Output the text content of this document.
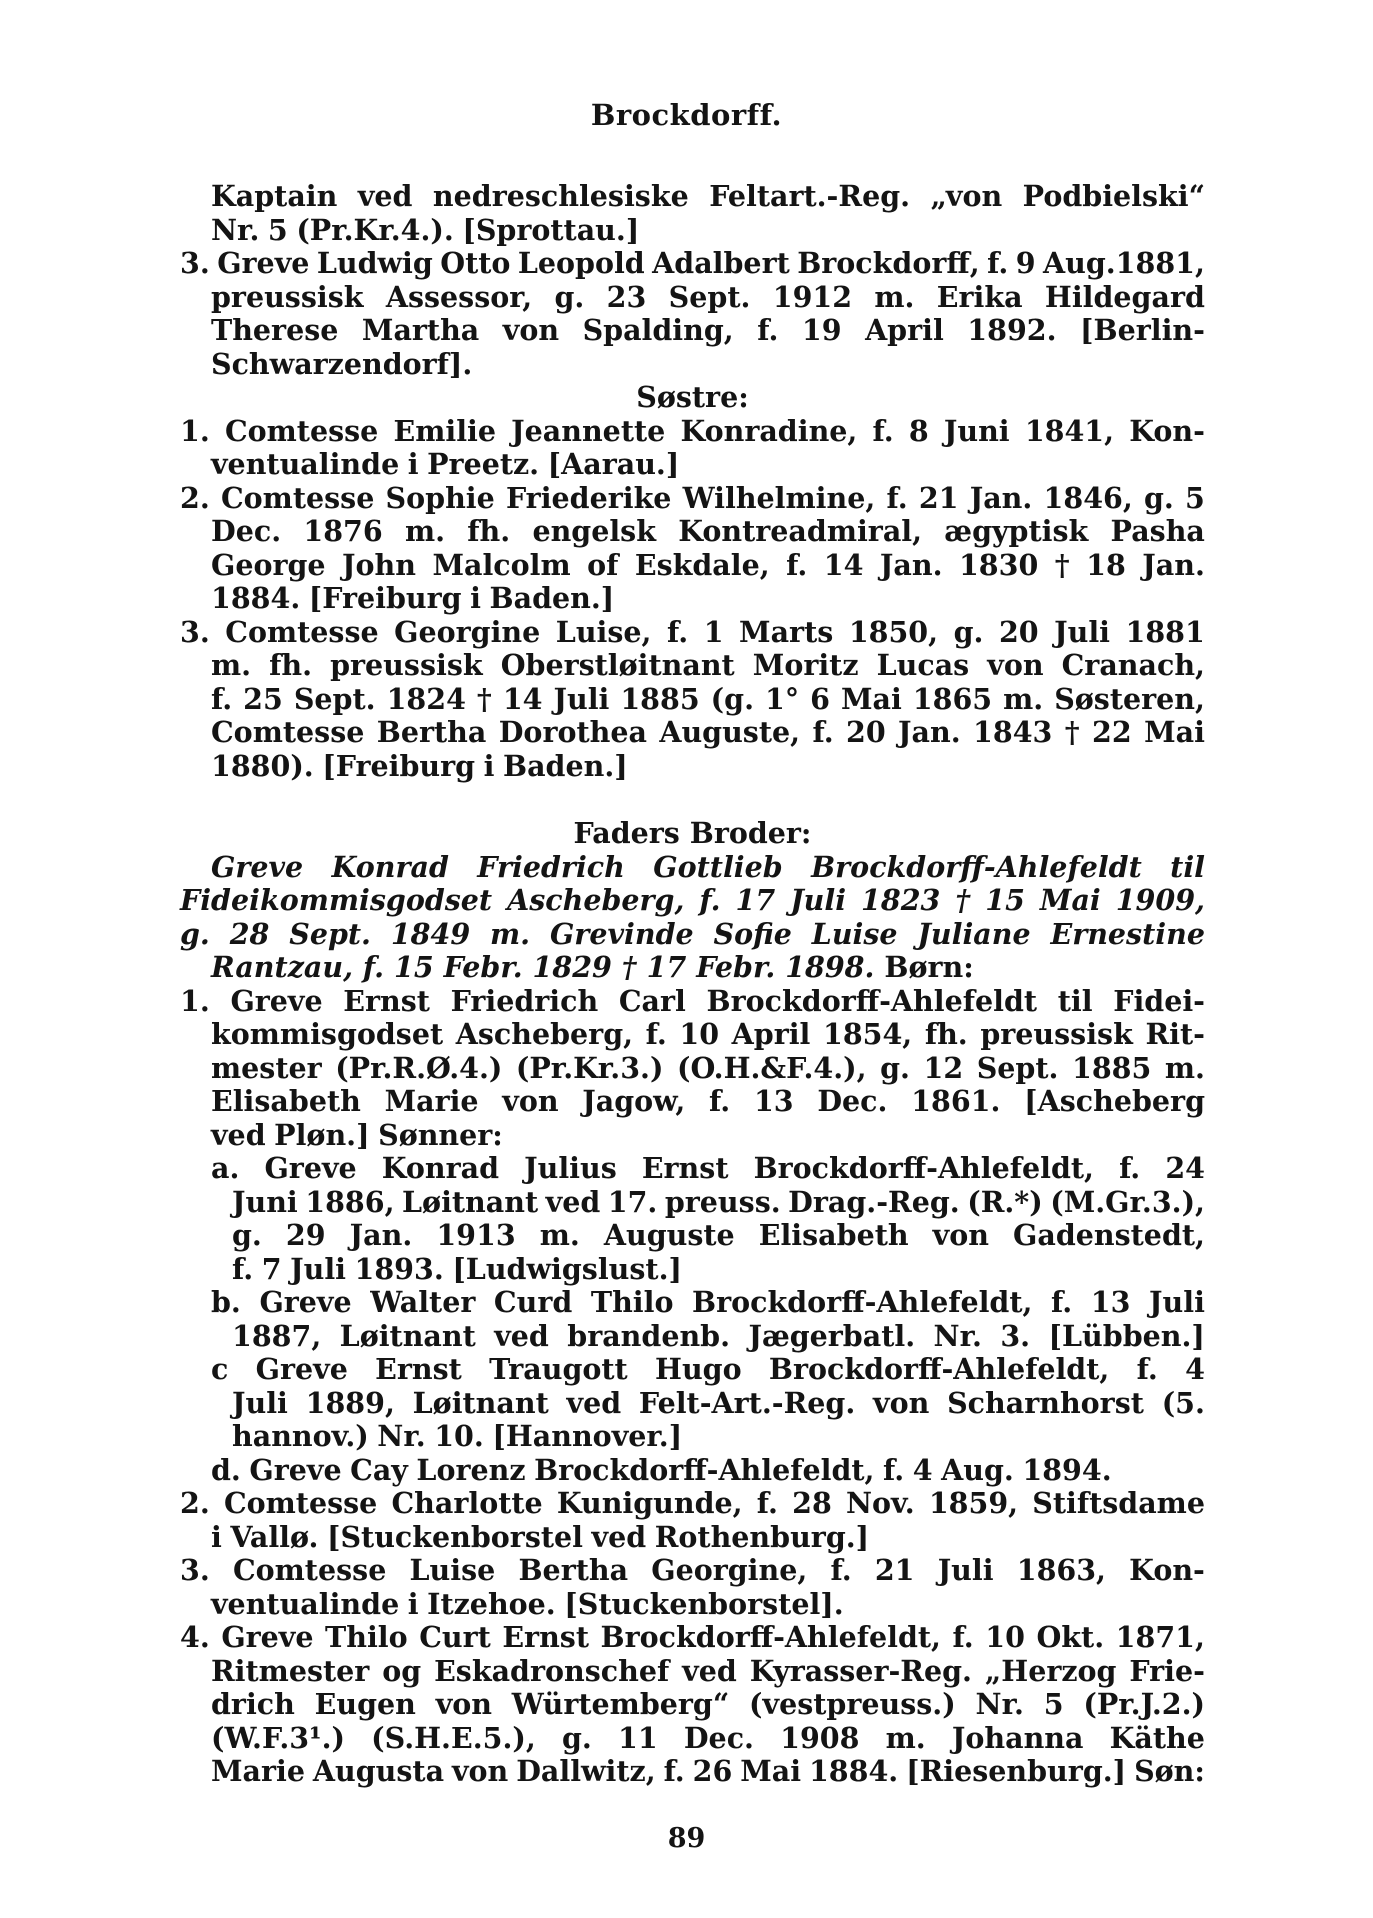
Brockdorff.
Kaptain ved nedreschlesiske Feltart.-Reg. „von Podbielski“
Nr. 5 (Pr.Kr.4.). [Sprottau.]
3. Greve Ludwig Otto Leopold Adalbert Brockdorff, f. 9 Aug.1881,
preussisk Assessor, g. 23 Sept. 1912 m. Erika Hildegard
Therese Martha von Spalding, f. 19 April 1892. [Berlin-
Schwarzendorf].
Søstre:
1. Comtesse Emilie Jeannette Konradine, f. 8 Juni 1841, Kon-
ventualinde i Preetz. [Aarau.]
2. Comtesse Sophie Friederike Wilhelmine, f. 21 Jan. 1846, g. 5
Dec. 1876 m. fh. engelsk Kontreadmiral, ægyptisk Pasha
George John Malcolm of Eskdale, f. 14 Jan. 1830 † 18 Jan.
1884. [Freiburg i Baden.]
3. Comtesse Georgine Luise, f. 1 Marts 1850, g. 20 Juli 1881
m. fh. preussisk Oberstløitnant Moritz Lucas von Cranach,
f. 25 Sept. 1824 † 14 Juli 1885 (g. 1° 6 Mai 1865 m. Søsteren,
Comtesse Bertha Dorothea Auguste, f. 20 Jan. 1843 † 22 Mai
1880). [Freiburg i Baden.]
Faders Broder:
Greve Konrad Friedrich Gottlieb Brockdorff-Ahlefeldt til
Fideikommisgodset Ascheberg, f. 17 Juli 1823 † 15 Mai 1909,
g. 28 Sept. 1849 m. Grevinde Sofie Luise Juliane Ernestine
Rantzau, f. 15 Febr. 1829 † 17 Febr. 1898.
Børn:
1. Greve Ernst Friedrich Carl Brockdorff-Ahlefeldt til Fidei-
kommisgodset Ascheberg, f. 10 April 1854, fh. preussisk Rit-
mester (Pr.R.Ø.4.) (Pr.Kr.3.) (O.H.&F.4.), g. 12 Sept. 1885 m.
Elisabeth Marie von Jagow, f. 13 Dec. 1861. [Ascheberg
ved Pløn.] Sønner:
a. Greve Konrad Julius Ernst Brockdorff-Ahlefeldt, f. 24
Juni 1886, Løitnant ved 17. preuss. Drag.-Reg. (R.*) (M.Gr.3.),
g. 29 Jan. 1913 m. Auguste Elisabeth von Gadenstedt,
f. 7 Juli 1893. [Ludwigslust.]
b. Greve Walter Curd Thilo Brockdorff-Ahlefeldt, f. 13 Juli
1887, Løitnant ved brandenb. Jægerbatl. Nr. 3. [Lübben.]
c Greve Ernst Traugott Hugo Brockdorff-Ahlefeldt, f. 4
Juli 1889, Løitnant ved Felt-Art.-Reg. von Scharnhorst (5.
hannov.) Nr. 10. [Hannover.]
d. Greve Cay Lorenz Brockdorff-Ahlefeldt, f. 4 Aug. 1894.
2. Comtesse Charlotte Kunigunde, f. 28 Nov. 1859, Stiftsdame
i Vallø. [Stuckenborstel ved Rothenburg.]
3. Comtesse Luise Bertha Georgine, f. 21 Juli 1863, Kon-
ventualinde i Itzehoe. [Stuckenborstel].
4. Greve Thilo Curt Ernst Brockdorff-Ahlefeldt, f. 10 Okt. 1871,
Ritmester og Eskadronschef ved Kyrasser-Reg. „Herzog Frie-
drich Eugen von Würtemberg“ (vestpreuss.) Nr. 5 (Pr.J.2.)
(W.F.3¹.) (S.H.E.5.), g. 11 Dec. 1908 m. Johanna Käthe
Marie Augusta von Dallwitz, f. 26 Mai 1884. [Riesenburg.] Søn:
89
